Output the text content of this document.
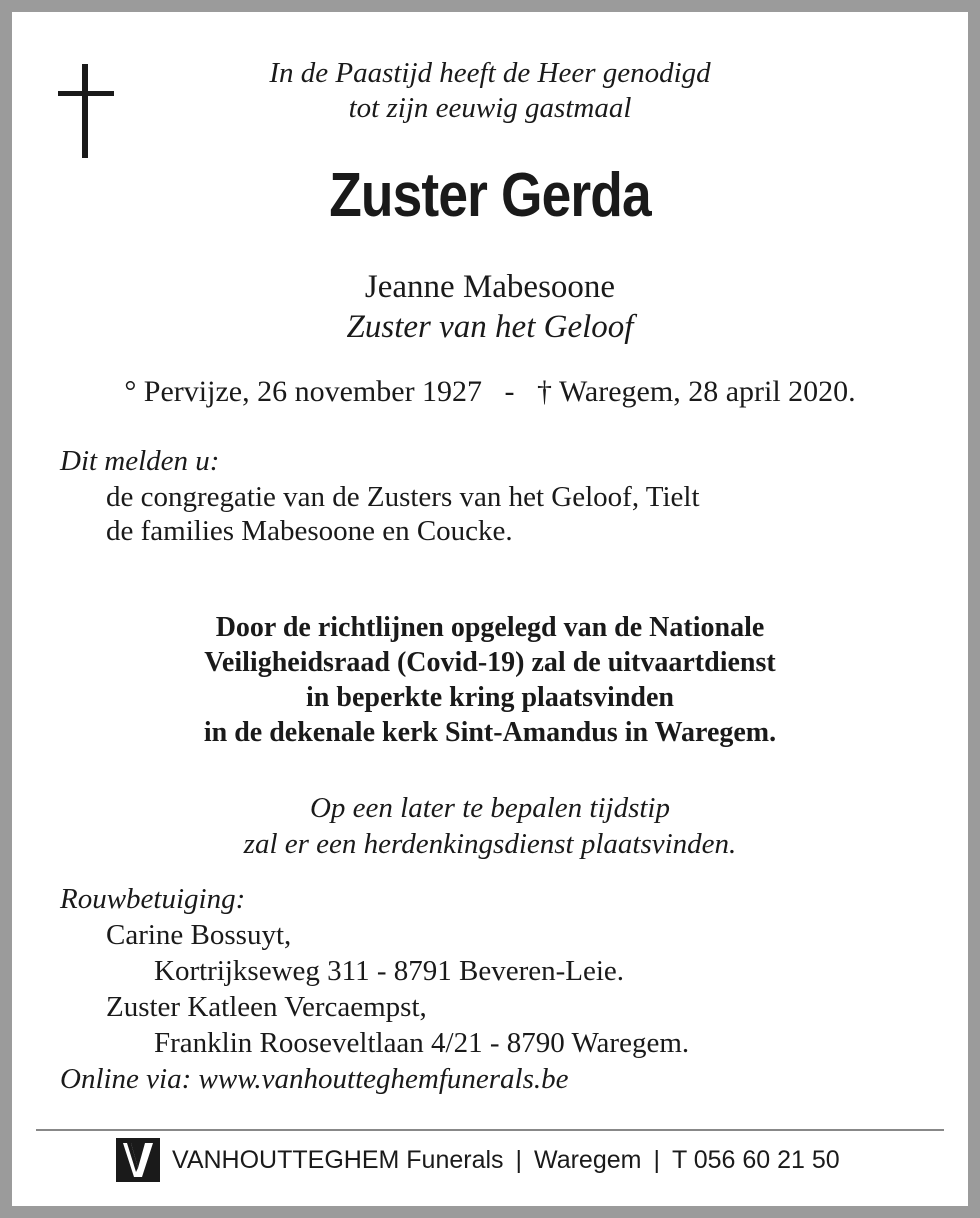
In de Paastijd heeft de Heer genodigd
tot zijn eeuwig gastmaal
Zuster Gerda
Jeanne Mabesoone
Zuster van het Geloof
° Pervijze, 26 november 1927   -   † Waregem, 28 april 2020.
Dit melden u:
de congregatie van de Zusters van het Geloof, Tielt
de families Mabesoone en Coucke.
Door de richtlijnen opgelegd van de Nationale
Veiligheidsraad (Covid-19) zal de uitvaartdienst
in beperkte kring plaatsvinden
in de dekenale kerk Sint-Amandus in Waregem.
Op een later te bepalen tijdstip
zal er een herdenkingsdienst plaatsvinden.
Rouwbetuiging:
Carine Bossuyt,
Kortrijkseweg 311 - 8791 Beveren-Leie.
Zuster Katleen Vercaempst,
Franklin Rooseveltlaan 4/21 - 8790 Waregem.
Online via: www.vanhoutteghemfunerals.be
VANHOUTTEGHEM Funerals | Waregem | T 056 60 21 50
